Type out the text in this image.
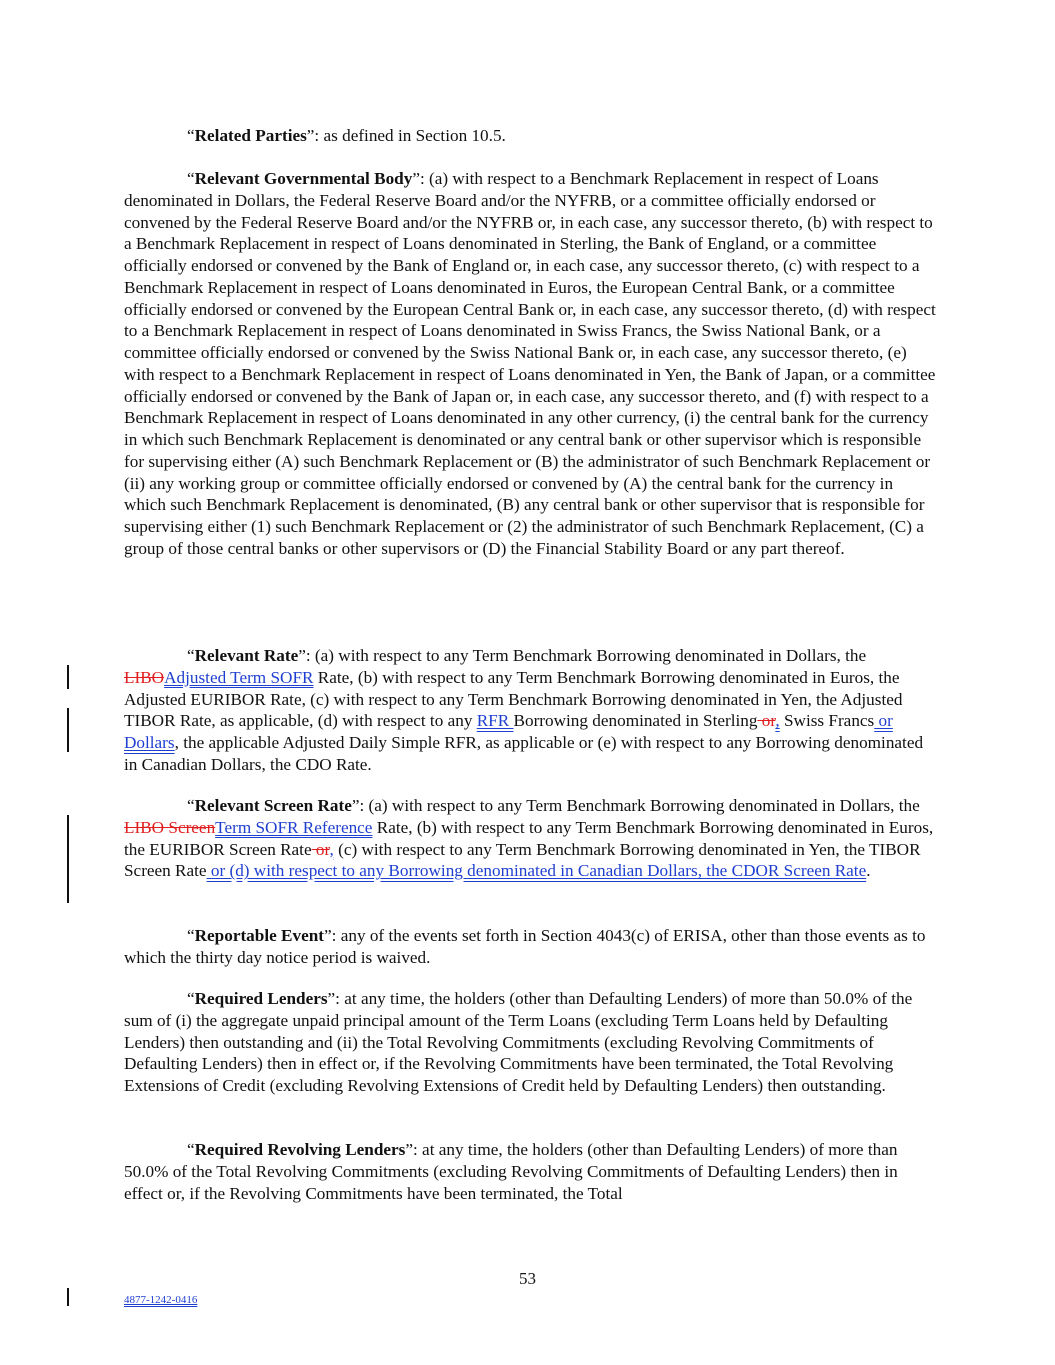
“Related Parties”: as defined in Section 10.5.

“Relevant Governmental Body”: (a) with respect to a Benchmark Replacement in respect of Loans denominated in Dollars, the Federal Reserve Board and/or the NYFRB, or a committee officially endorsed or convened by the Federal Reserve Board and/or the NYFRB or, in each case, any successor thereto, (b) with respect to a Benchmark Replacement in respect of Loans denominated in Sterling, the Bank of England, or a committee officially endorsed or convened by the Bank of England or, in each case, any successor thereto, (c) with respect to a Benchmark Replacement in respect of Loans denominated in Euros, the European Central Bank, or a committee officially endorsed or convened by the European Central Bank or, in each case, any successor thereto, (d) with respect to a Benchmark Replacement in respect of Loans denominated in Swiss Francs, the Swiss National Bank, or a committee officially endorsed or convened by the Swiss National Bank or, in each case, any successor thereto, (e) with respect to a Benchmark Replacement in respect of Loans denominated in Yen, the Bank of Japan, or a committee officially endorsed or convened by the Bank of Japan or, in each case, any successor thereto, and (f) with respect to a Benchmark Replacement in respect of Loans denominated in any other currency, (i) the central bank for the currency in which such Benchmark Replacement is denominated or any central bank or other supervisor which is responsible for supervising either (A) such Benchmark Replacement or (B) the administrator of such Benchmark Replacement or (ii) any working group or committee officially endorsed or convened by (A) the central bank for the currency in which such Benchmark Replacement is denominated, (B) any central bank or other supervisor that is responsible for supervising either (1) such Benchmark Replacement or (2) the administrator of such Benchmark Replacement, (C) a group of those central banks or other supervisors or (D) the Financial Stability Board or any part thereof.

“Relevant Rate”: (a) with respect to any Term Benchmark Borrowing denominated in Dollars, the LIBOAdjusted Term SOFR Rate, (b) with respect to any Term Benchmark Borrowing denominated in Euros, the Adjusted EURIBOR Rate, (c) with respect to any Term Benchmark Borrowing denominated in Yen, the Adjusted TIBOR Rate, as applicable, (d) with respect to any RFR Borrowing denominated in Sterling or, Swiss Francs or Dollars, the applicable Adjusted Daily Simple RFR, as applicable or (e) with respect to any Borrowing denominated in Canadian Dollars, the CDO Rate.

“Relevant Screen Rate”: (a) with respect to any Term Benchmark Borrowing denominated in Dollars, the LIBO ScreenTerm SOFR Reference Rate, (b) with respect to any Term Benchmark Borrowing denominated in Euros, the EURIBOR Screen Rate or, (c) with respect to any Term Benchmark Borrowing denominated in Yen, the TIBOR Screen Rate or (d) with respect to any Borrowing denominated in Canadian Dollars, the CDOR Screen Rate.

“Reportable Event”: any of the events set forth in Section 4043(c) of ERISA, other than those events as to which the thirty day notice period is waived.

“Required Lenders”: at any time, the holders (other than Defaulting Lenders) of more than 50.0% of the sum of (i) the aggregate unpaid principal amount of the Term Loans (excluding Term Loans held by Defaulting Lenders) then outstanding and (ii) the Total Revolving Commitments (excluding Revolving Commitments of Defaulting Lenders) then in effect or, if the Revolving Commitments have been terminated, the Total Revolving Extensions of Credit (excluding Revolving Extensions of Credit held by Defaulting Lenders) then outstanding.

“Required Revolving Lenders”: at any time, the holders (other than Defaulting Lenders) of more than 50.0% of the Total Revolving Commitments (excluding Revolving Commitments of Defaulting Lenders) then in effect or, if the Revolving Commitments have been terminated, the Total

53
4877-1242-0416
